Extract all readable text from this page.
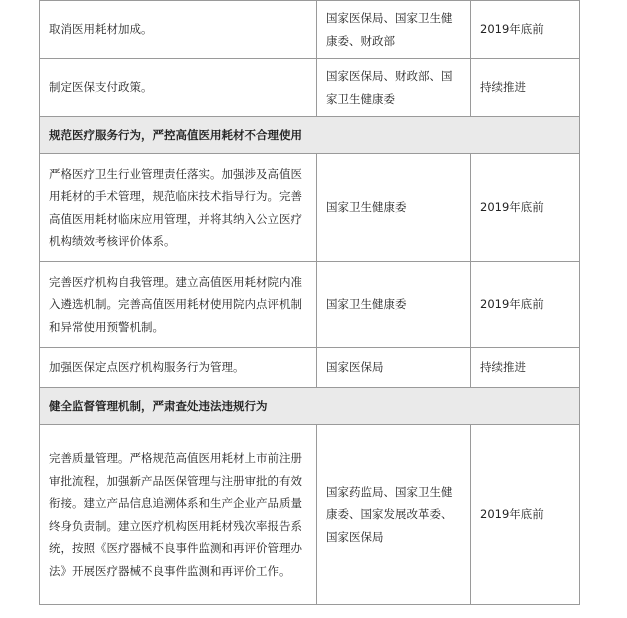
取消医用耗材加成。	国家医保局、国家卫生健康委、财政部	2019年底前
制定医保支付政策。	国家医保局、财政部、国家卫生健康委	持续推进
规范医疗服务行为，严控高值医用耗材不合理使用		
严格医疗卫生行业管理责任落实。加强涉及高值医用耗材的手术管理，规范临床技术指导行为。完善高值医用耗材临床应用管理，并将其纳入公立医疗机构绩效考核评价体系。	国家卫生健康委	2019年底前
完善医疗机构自我管理。建立高值医用耗材院内准入遴选机制。完善高值医用耗材使用院内点评机制和异常使用预警机制。	国家卫生健康委	2019年底前
加强医保定点医疗机构服务行为管理。	国家医保局	持续推进
健全监督管理机制，严肃查处违法违规行为		
完善质量管理。严格规范高值医用耗材上市前注册审批流程，加强新产品医保管理与注册审批的有效衔接。建立产品信息追溯体系和生产企业产品质量终身负责制。建立医疗机构医用耗材残次率报告系统，按照《医疗器械不良事件监测和再评价管理办法》开展医疗器械不良事件监测和再评价工作。	国家药监局、国家卫生健康委、国家发展改革委、国家医保局	2019年底前
